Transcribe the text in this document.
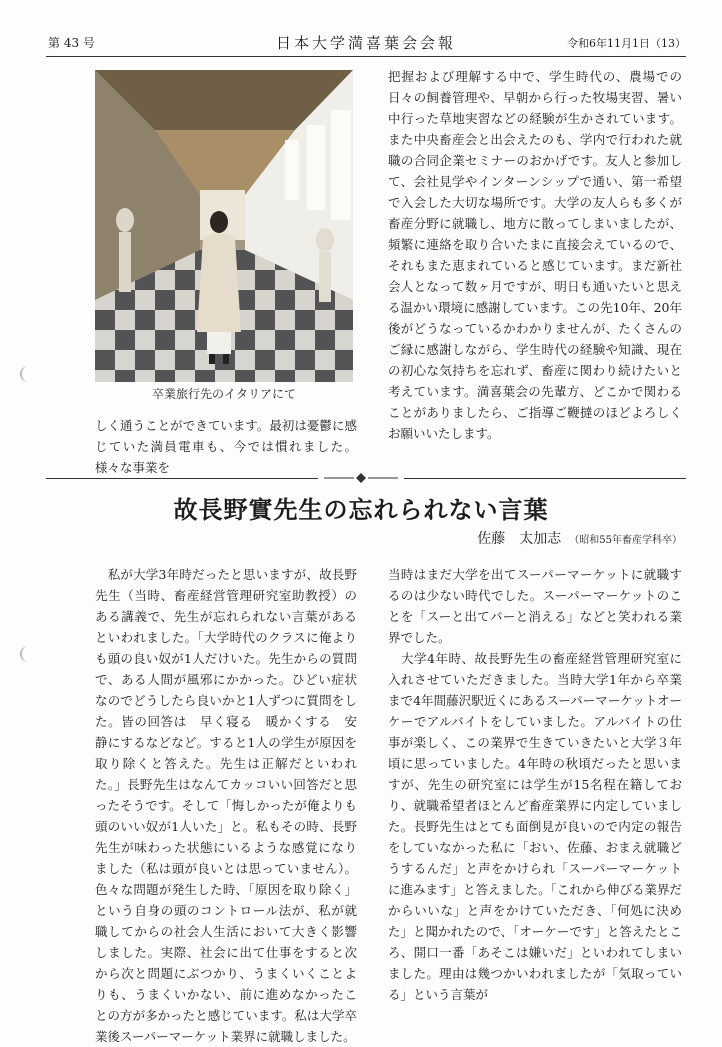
第 43 号	日本大学満喜葉会会報	令和6年11月1日（13）
卒業旅行先のイタリアにて

把握および理解する中で、学生時代の、農場での日々の飼養管理や、早朝から行った牧場実習、暑い中行った草地実習などの経験が生かされています。また中央畜産会と出会えたのも、学内で行われた就職の合同企業セミナーのおかげです。友人と参加して、会社見学やインターンシップで通い、第一希望で入会した大切な場所です。大学の友人らも多くが畜産分野に就職し、地方に散ってしまいましたが、頻繁に連絡を取り合いたまに直接会えているので、それもまた恵まれていると感じています。まだ新社会人となって数ヶ月ですが、明日も通いたいと思える温かい環境に感謝しています。この先10年、20年後がどうなっているかわかりませんが、たくさんのご縁に感謝しながら、学生時代の経験や知識、現在の初心な気持ちを忘れず、畜産に関わり続けたいと考えています。満喜葉会の先輩方、どこかで関わることがありましたら、ご指導ご鞭撻のほどよろしくお願いいたします。

しく通うことができています。最初は憂鬱に感じていた満員電車も、今では慣れました。様々な事業を

故長野實先生の忘れられない言葉
佐藤　太加志 （昭和55年畜産学科卒）

　私が大学3年時だったと思いますが、故長野先生（当時、畜産経営管理研究室助教授）のある講義で、先生が忘れられない言葉があるといわれました。「大学時代のクラスに俺よりも頭の良い奴が1人だけいた。先生からの質問で、ある人間が風邪にかかった。ひどい症状なのでどうしたら良いかと1人ずつに質問をした。皆の回答は　早く寝る　暖かくする　安静にするなどなど。すると1人の学生が原因を取り除くと答えた。先生は正解だといわれた。」長野先生はなんてカッコいい回答だと思ったそうです。そして「悔しかったが俺よりも頭のいい奴が1人いた」と。私もその時、長野先生が味わった状態にいるような感覚になりました（私は頭が良いとは思っていません）。色々な問題が発生した時、「原因を取り除く」という自身の頭のコントロール法が、私が就職してからの社会人生活において大きく影響しました。実際、社会に出て仕事をすると次から次と問題にぶつかり、うまくいくことよりも、うまくいかない、前に進めなかったことの方が多かったと感じています。私は大学卒業後スーパーマーケット業界に就職しました。

当時はまだ大学を出てスーパーマーケットに就職するのは少ない時代でした。スーパーマーケットのことを「スーと出てパーと消える」などと笑われる業界でした。

　大学4年時、故長野先生の畜産経営管理研究室に入れさせていただきました。当時大学1年から卒業まで4年間藤沢駅近くにあるスーパーマーケットオーケーでアルバイトをしていました。アルバイトの仕事が楽しく、この業界で生きていきたいと大学３年頃に思っていました。4年時の秋頃だったと思いますが、先生の研究室には学生が15名程在籍しており、就職希望者ほとんど畜産業界に内定していました。長野先生はとても面倒見が良いので内定の報告をしていなかった私に「おい、佐藤、おまえ就職どうするんだ」と声をかけられ「スーパーマーケットに進みます」と答えました。「これから伸びる業界だからいいな」と声をかけていただき、「何処に決めた」と聞かれたので、「オーケーです」と答えたところ、開口一番「あそこは嫌いだ」といわれてしまいました。理由は幾つかいわれましたが「気取っている」という言葉が
